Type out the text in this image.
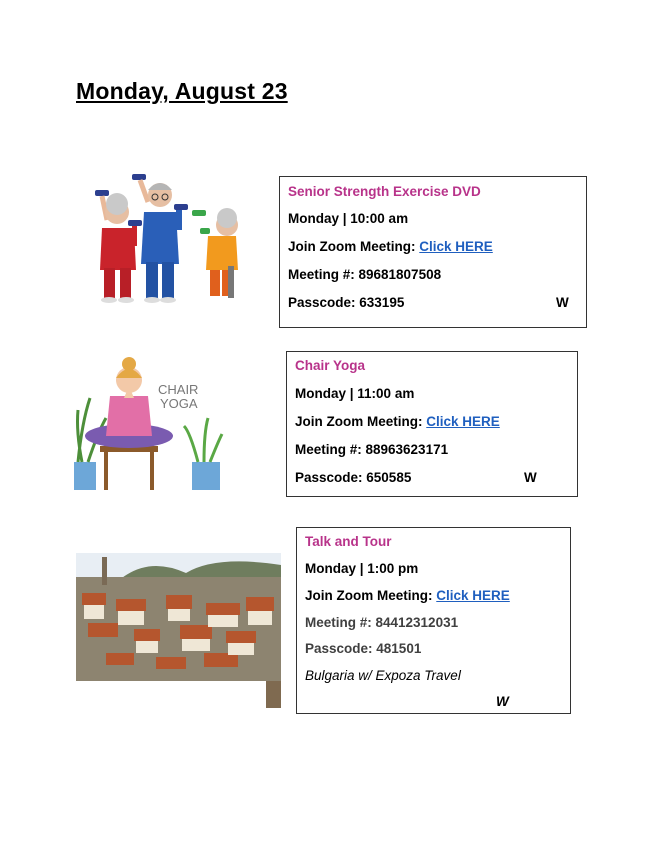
Monday, August 23
Senior Strength Exercise DVD
Monday | 10:00 am
Join Zoom Meeting: Click HERE
Meeting #: 89681807508
Passcode: 633195	W
CHAIR
YOGA
Chair Yoga
Monday | 11:00 am
Join Zoom Meeting: Click HERE
Meeting #: 88963623171
Passcode: 650585	W
Talk and Tour
Monday | 1:00 pm
Join Zoom Meeting: Click HERE
Meeting #: 84412312031
Passcode: 481501
Bulgaria w/ Expoza Travel
W
